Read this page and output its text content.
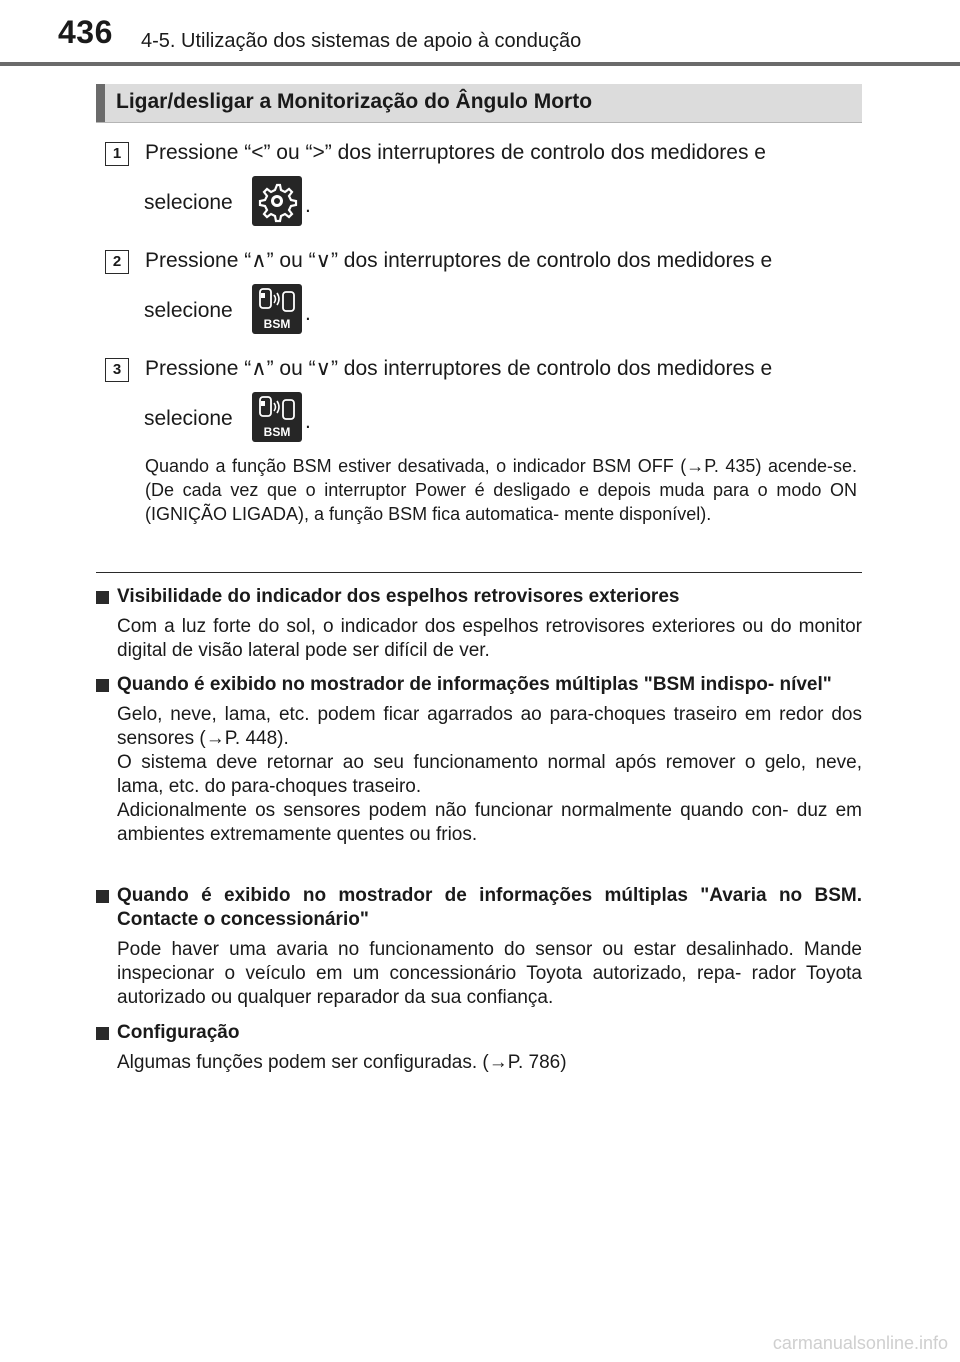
436 4-5. Utilização dos sistemas de apoio à condução
Ligar/desligar a Monitorização do Ângulo Morto
1	Pressione “<” ou “>” dos interruptores de controlo dos medidores e
selecione	.
2	Pressione “∧” ou “∨” dos interruptores de controlo dos medidores e
selecione
BSM .
3	Pressione “∧” ou “∨” dos interruptores de controlo dos medidores e
selecione
BSM .
Quando a função BSM estiver desativada, o indicador BSM OFF (→P. 435) acende-se. (De cada vez que o interruptor Power é desligado e depois muda para o modo ON (IGNIÇÃO LIGADA), a função BSM fica automatica- mente disponível).
Visibilidade do indicador dos espelhos retrovisores exteriores

Com a luz forte do sol, o indicador dos espelhos retrovisores exteriores ou do monitor digital de visão lateral pode ser difícil de ver.

Quando é exibido no mostrador de informações múltiplas "BSM indispo- nível"

Gelo, neve, lama, etc. podem ficar agarrados ao para-choques traseiro em redor dos sensores (→P. 448).

O sistema deve retornar ao seu funcionamento normal após remover o gelo, neve, lama, etc. do para-choques traseiro.

Adicionalmente os sensores podem não funcionar normalmente quando con- duz em ambientes extremamente quentes ou frios.

Quando é exibido no mostrador de informações múltiplas "Avaria no BSM. Contacte o concessionário"

Pode haver uma avaria no funcionamento do sensor ou estar desalinhado. Mande inspecionar o veículo em um concessionário Toyota autorizado, repa- rador Toyota autorizado ou qualquer reparador da sua confiança.

Configuração

Algumas funções podem ser configuradas. (→P. 786)

carmanualsonline.info
